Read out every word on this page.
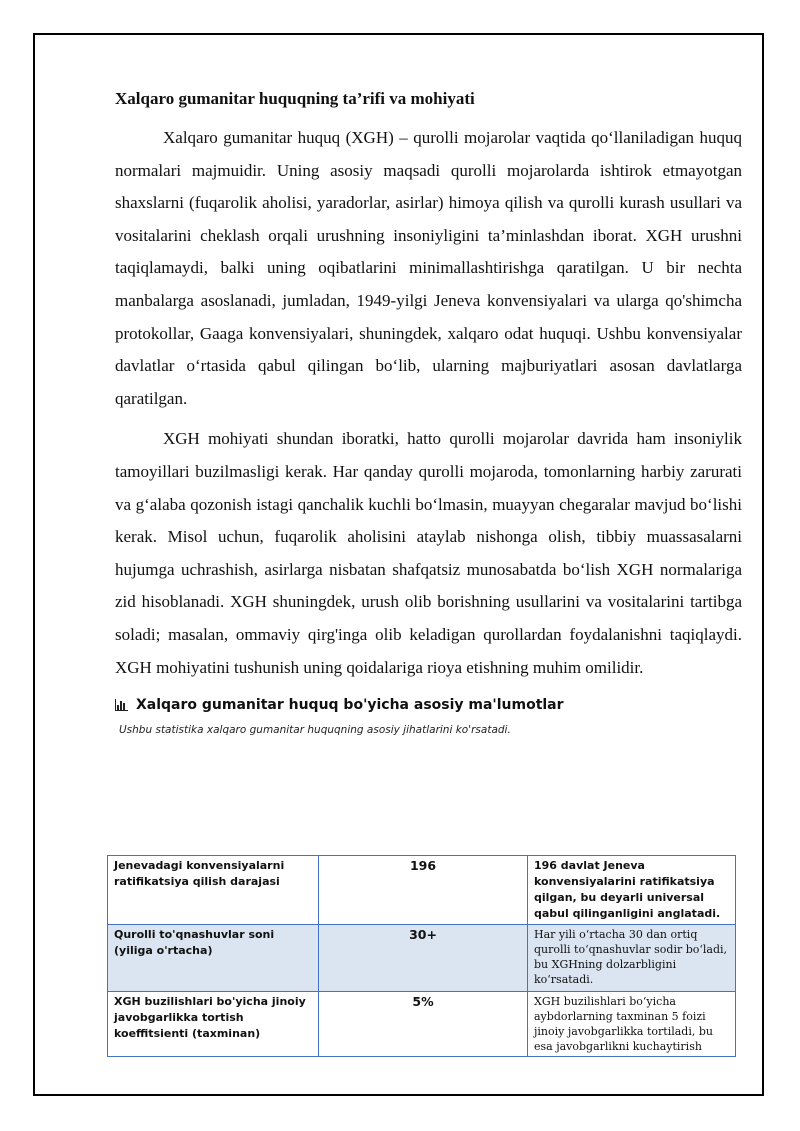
Xalqaro gumanitar huquqning ta’rifi va mohiyati

Xalqaro gumanitar huquq (XGH) – qurolli mojarolar vaqtida qo‘llaniladigan huquq normalari majmuidir. Uning asosiy maqsadi qurolli mojarolarda ishtirok etmayotgan shaxslarni (fuqarolik aholisi, yaradorlar, asirlar) himoya qilish va qurolli kurash usullari va vositalarini cheklash orqali urushning insoniyligini ta’minlashdan iborat. XGH urushni taqiqlamaydi, balki uning oqibatlarini minimallashtirishga qaratilgan. U bir nechta manbalarga asoslanadi, jumladan, 1949-yilgi Jeneva konvensiyalari va ularga qo'shimcha protokollar, Gaaga konvensiyalari, shuningdek, xalqaro odat huquqi. Ushbu konvensiyalar davlatlar o‘rtasida qabul qilingan bo‘lib, ularning majburiyatlari asosan davlatlarga qaratilgan.

XGH mohiyati shundan iboratki, hatto qurolli mojarolar davrida ham insoniylik tamoyillari buzilmasligi kerak. Har qanday qurolli mojaroda, tomonlarning harbiy zarurati va g‘alaba qozonish istagi qanchalik kuchli bo‘lmasin, muayyan chegaralar mavjud bo‘lishi kerak. Misol uchun, fuqarolik aholisini ataylab nishonga olish, tibbiy muassasalarni hujumga uchrashish, asirlarga nisbatan shafqatsiz munosabatda bo‘lish XGH normalariga zid hisoblanadi. XGH shuningdek, urush olib borishning usullarini va vositalarini tartibga soladi; masalan, ommaviy qirg'inga olib keladigan qurollardan foydalanishni taqiqlaydi. XGH mohiyatini tushunish uning qoidalariga rioya etishning muhim omilidir.

Xalqaro gumanitar huquq bo'yicha asosiy ma'lumotlar
Ushbu statistika xalqaro gumanitar huquqning asosiy jihatlarini ko'rsatadi.
Jenevadagi konvensiyalarni ratifikatsiya qilish darajasi	196	196 davlat Jeneva konvensiyalarini ratifikatsiya qilgan, bu deyarli universal qabul qilinganligini anglatadi.
Qurolli to'qnashuvlar soni (yiliga o'rtacha)	30+	Har yili o‘rtacha 30 dan ortiq qurolli to‘qnashuvlar sodir bo‘ladi, bu XGHning dolzarbligini ko‘rsatadi.
XGH buzilishlari bo'yicha jinoiy javobgarlikka tortish koeffitsienti (taxminan)	5%	XGH buzilishlari bo‘yicha aybdorlarning taxminan 5 foizi jinoiy javobgarlikka tortiladi, bu esa javobgarlikni kuchaytirish
